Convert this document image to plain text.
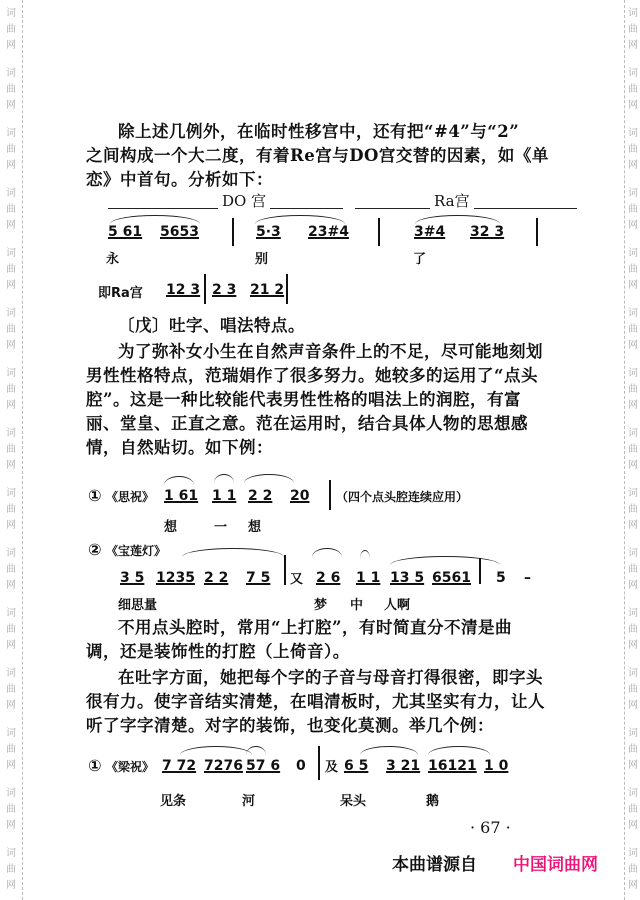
词
曲
网
词
曲
网
词
曲
网
词
曲
网
词
曲
网
词
曲
网
词
曲
网
词
曲
网
词
曲
网
词
曲
网
词
曲
网
词
曲
网
词
曲
网
词
曲
网
词
曲
网
词
曲
网
词
曲
网
词
曲
网
词
曲
网
词
曲
网
词
曲
网
词
曲
网
词
曲
网
词
曲
网
词
曲
网
词
曲
网
词
曲
网
词
曲
网
词
曲
网
词
曲
网
除上述几例外，在临时性移宫中，还有把“#4”与“2”
之间构成一个大二度，有着Re宫与DO宫交替的因素，如《单
恋》中首句。分析如下：
DO 宫	Ra宫
5 61 5653	5·3 23#4	3#4 32 3
永	别	了
即Ra宫 12 3 2 3 21 2
〔戊〕吐字、唱法特点。
为了弥补女小生在自然声音条件上的不足，尽可能地刻划
男性性格特点，范瑞娟作了很多努力。她较多的运用了“点头
腔”。这是一种比较能代表男性性格的唱法上的润腔，有富
丽、堂皇、正直之意。范在运用时，结合具体人物的思想感
情，自然贴切。如下例：
① 《思祝》 1 61 1 1 2 2 20 （四个点头腔连续应用）
想	一 想
② 《宝莲灯》
3 5 1235 2 2 7 5 又 2 6 1 1 13 5 6561 5 –
细思量	梦 中 人啊
不用点头腔时，常用“上打腔”，有时简直分不清是曲
调，还是装饰性的打腔（上倚音）。
在吐字方面，她把每个字的子音与母音打得很密，即字头
很有力。使字音结实清楚，在唱清板时，尤其坚实有力，让人
听了字字清楚。对字的装饰，也变化莫测。举几个例：
① 《梁祝》 7 72 7276 57 6 0 及 6 5 3 21 16121 1 0
见条	河	呆头	鹅
· 67 ·
本曲谱源自 中国词曲网
